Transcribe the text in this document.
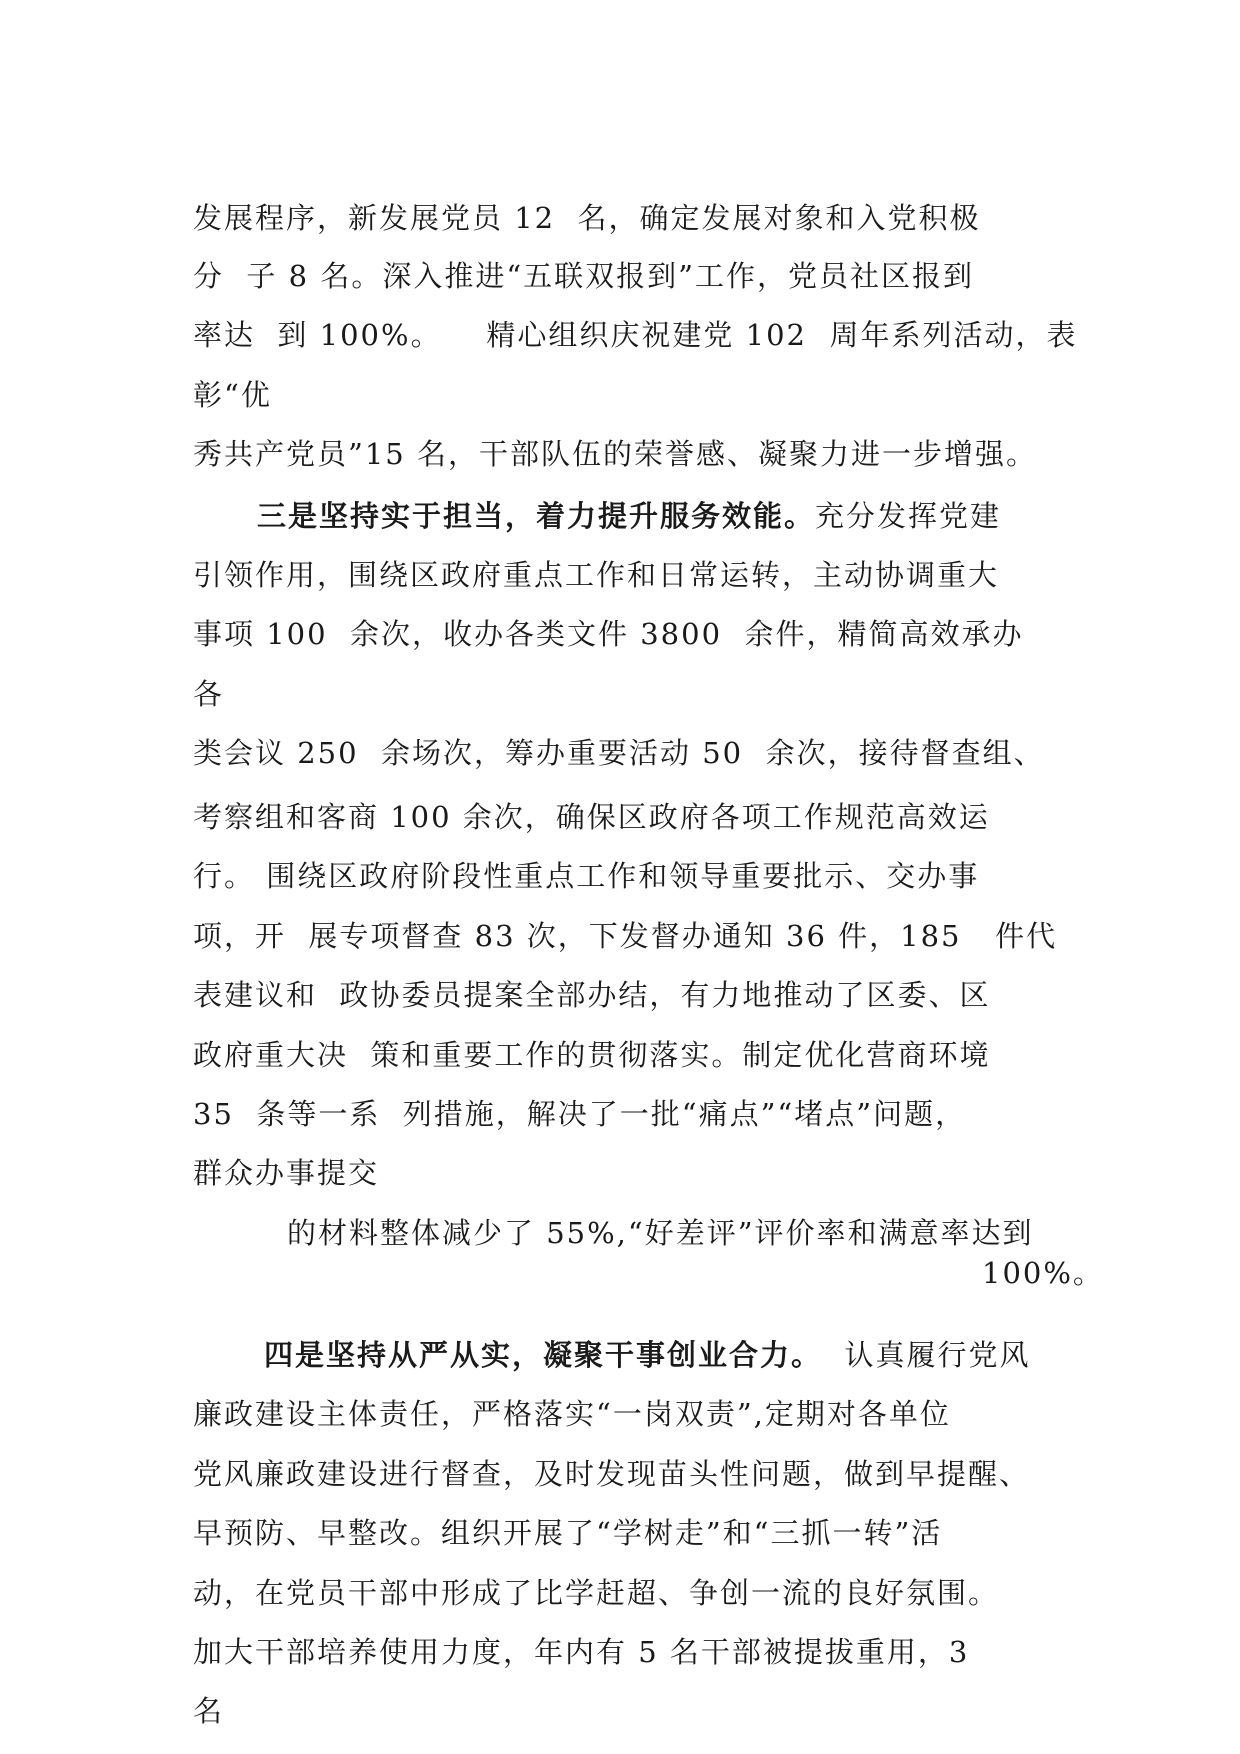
发展程序，新发展党员 12  名，确定发展对象和入党积极
分  子 8 名。深入推进“五联双报到”工作，党员社区报到
率达  到 100%。    精心组织庆祝建党 102  周年系列活动，表
彰“优
秀共产党员”15 名，干部队伍的荣誉感、凝聚力进一步增强。
三是坚持实于担当，着力提升服务效能。充分发挥党建
引领作用，围绕区政府重点工作和日常运转，主动协调重大
事项 100  余次，收办各类文件 3800  余件，精简高效承办
各
类会议 250  余场次，筹办重要活动 50  余次，接待督查组、
考察组和客商 100 余次，确保区政府各项工作规范高效运
行。 围绕区政府阶段性重点工作和领导重要批示、交办事
项，开  展专项督查 83 次，下发督办通知 36 件，185   件代
表建议和  政协委员提案全部办结，有力地推动了区委、区
政府重大决  策和重要工作的贯彻落实。制定优化营商环境
35  条等一系  列措施，解决了一批“痛点”“堵点”问题，
群众办事提交
的材料整体减少了 55%,“好差评”评价率和满意率达到
100%。
四是坚持从严从实，凝聚干事创业合力。  认真履行党风
廉政建设主体责任，严格落实“一岗双责”,定期对各单位
党风廉政建设进行督查，及时发现苗头性问题，做到早提醒、
早预防、早整改。组织开展了“学树走”和“三抓一转”活
动，在党员干部中形成了比学赶超、争创一流的良好氛围。
加大干部培养使用力度，年内有 5 名干部被提拔重用，3
名
